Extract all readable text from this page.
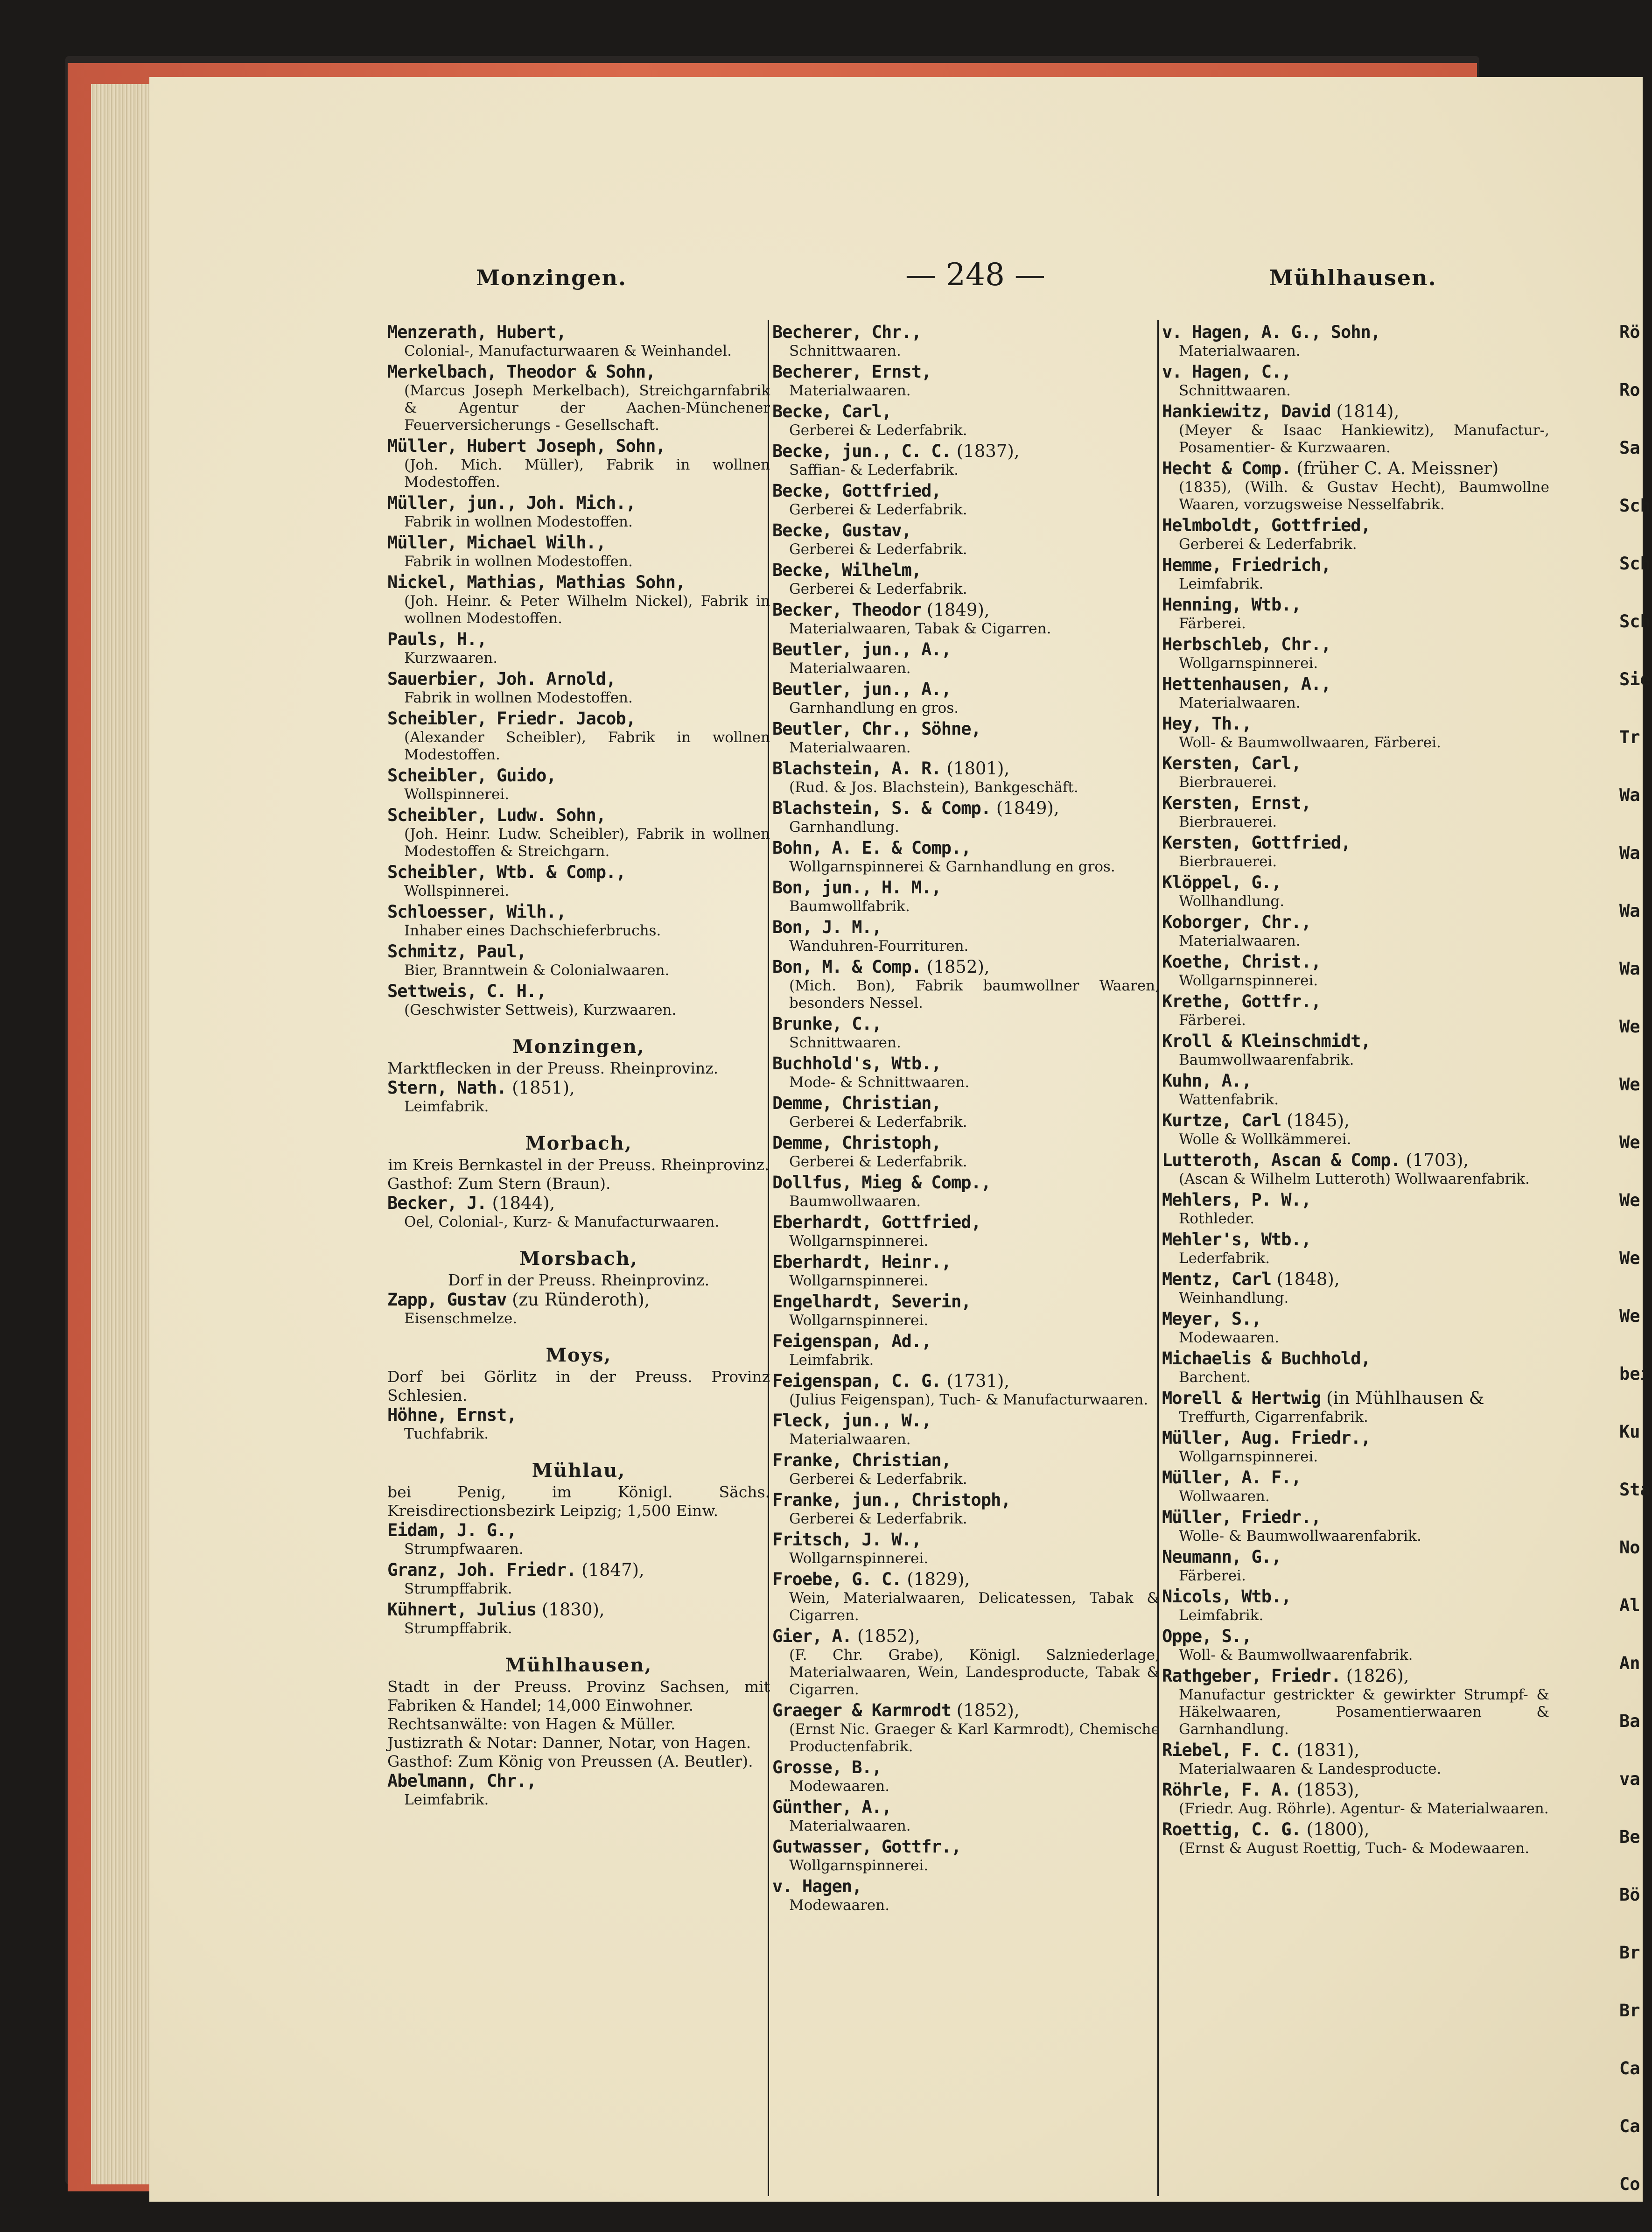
Monzingen.	— 248 —	Mühlhausen.
Menzerath, Hubert,
Colonial-, Manufacturwaaren & Weinhandel.
Merkelbach, Theodor & Sohn,
(Marcus Joseph Merkelbach), Streichgarnfabrik & Agentur der Aachen-Münchener Feuerversicherungs - Gesellschaft.
Müller, Hubert Joseph, Sohn,
(Joh. Mich. Müller), Fabrik in wollnen Modestoffen.
Müller, jun., Joh. Mich.,
Fabrik in wollnen Modestoffen.
Müller, Michael Wilh.,
Fabrik in wollnen Modestoffen.
Nickel, Mathias, Mathias Sohn,
(Joh. Heinr. & Peter Wilhelm Nickel), Fabrik in wollnen Modestoffen.
Pauls, H.,
Kurzwaaren.
Sauerbier, Joh. Arnold,
Fabrik in wollnen Modestoffen.
Scheibler, Friedr. Jacob,
(Alexander Scheibler), Fabrik in wollnen Modestoffen.
Scheibler, Guido,
Wollspinnerei.
Scheibler, Ludw. Sohn,
(Joh. Heinr. Ludw. Scheibler), Fabrik in wollnen Modestoffen & Streichgarn.
Scheibler, Wtb. & Comp.,
Wollspinnerei.
Schloesser, Wilh.,
Inhaber eines Dachschieferbruchs.
Schmitz, Paul,
Bier, Branntwein & Colonialwaaren.
Settweis, C. H.,
(Geschwister Settweis), Kurzwaaren.
Monzingen,
Marktflecken in der Preuss. Rheinprovinz.
Stern, Nath. (1851),
Leimfabrik.
Morbach,
im Kreis Bernkastel in der Preuss. Rheinprovinz.
Gasthof: Zum Stern (Braun).
Becker, J. (1844),
Oel, Colonial-, Kurz- & Manufacturwaaren.
Morsbach,
Dorf in der Preuss. Rheinprovinz.
Zapp, Gustav (zu Ründeroth),
Eisenschmelze.
Moys,
Dorf bei Görlitz in der Preuss. Provinz Schlesien.
Höhne, Ernst,
Tuchfabrik.
Mühlau,
bei Penig, im Königl. Sächs. Kreisdirectionsbezirk Leipzig; 1,500 Einw.
Eidam, J. G.,
Strumpfwaaren.
Granz, Joh. Friedr. (1847),
Strumpffabrik.
Kühnert, Julius (1830),
Strumpffabrik.
Mühlhausen,
Stadt in der Preuss. Provinz Sachsen, mit Fabriken & Handel; 14,000 Einwohner.
Rechtsanwälte: von Hagen & Müller.
Justizrath & Notar: Danner, Notar, von Hagen.
Gasthof: Zum König von Preussen (A. Beutler).
Abelmann, Chr.,
Leimfabrik.
Becherer, Chr.,
Schnittwaaren.
Becherer, Ernst,
Materialwaaren.
Becke, Carl,
Gerberei & Lederfabrik.
Becke, jun., C. C. (1837),
Saffian- & Lederfabrik.
Becke, Gottfried,
Gerberei & Lederfabrik.
Becke, Gustav,
Gerberei & Lederfabrik.
Becke, Wilhelm,
Gerberei & Lederfabrik.
Becker, Theodor (1849),
Materialwaaren, Tabak & Cigarren.
Beutler, jun., A.,
Materialwaaren.
Beutler, jun., A.,
Garnhandlung en gros.
Beutler, Chr., Söhne,
Materialwaaren.
Blachstein, A. R. (1801),
(Rud. & Jos. Blachstein), Bankgeschäft.
Blachstein, S. & Comp. (1849),
Garnhandlung.
Bohn, A. E. & Comp.,
Wollgarnspinnerei & Garnhandlung en gros.
Bon, jun., H. M.,
Baumwollfabrik.
Bon, J. M.,
Wanduhren-Fourrituren.
Bon, M. & Comp. (1852),
(Mich. Bon), Fabrik baumwollner Waaren, besonders Nessel.
Brunke, C.,
Schnittwaaren.
Buchhold's, Wtb.,
Mode- & Schnittwaaren.
Demme, Christian,
Gerberei & Lederfabrik.
Demme, Christoph,
Gerberei & Lederfabrik.
Dollfus, Mieg & Comp.,
Baumwollwaaren.
Eberhardt, Gottfried,
Wollgarnspinnerei.
Eberhardt, Heinr.,
Wollgarnspinnerei.
Engelhardt, Severin,
Wollgarnspinnerei.
Feigenspan, Ad.,
Leimfabrik.
Feigenspan, C. G. (1731),
(Julius Feigenspan), Tuch- & Manufacturwaaren.
Fleck, jun., W.,
Materialwaaren.
Franke, Christian,
Gerberei & Lederfabrik.
Franke, jun., Christoph,
Gerberei & Lederfabrik.
Fritsch, J. W.,
Wollgarnspinnerei.
Froebe, G. C. (1829),
Wein, Materialwaaren, Delicatessen, Tabak & Cigarren.
Gier, A. (1852),
(F. Chr. Grabe), Königl. Salzniederlage, Materialwaaren, Wein, Landesproducte, Tabak & Cigarren.
Graeger & Karmrodt (1852),
(Ernst Nic. Graeger & Karl Karmrodt), Chemische Productenfabrik.
Grosse, B.,
Modewaaren.
Günther, A.,
Materialwaaren.
Gutwasser, Gottfr.,
Wollgarnspinnerei.
v. Hagen,
Modewaaren.
v. Hagen, A. G., Sohn,
Materialwaaren.
v. Hagen, C.,
Schnittwaaren.
Hankiewitz, David (1814),
(Meyer & Isaac Hankiewitz), Manufactur-, Posamentier- & Kurzwaaren.
Hecht & Comp. (früher C. A. Meissner)
(1835), (Wilh. & Gustav Hecht), Baumwollne Waaren, vorzugsweise Nesselfabrik.
Helmboldt, Gottfried,
Gerberei & Lederfabrik.
Hemme, Friedrich,
Leimfabrik.
Henning, Wtb.,
Färberei.
Herbschleb, Chr.,
Wollgarnspinnerei.
Hettenhausen, A.,
Materialwaaren.
Hey, Th.,
Woll- & Baumwollwaaren, Färberei.
Kersten, Carl,
Bierbrauerei.
Kersten, Ernst,
Bierbrauerei.
Kersten, Gottfried,
Bierbrauerei.
Klöppel, G.,
Wollhandlung.
Koborger, Chr.,
Materialwaaren.
Koethe, Christ.,
Wollgarnspinnerei.
Krethe, Gottfr.,
Färberei.
Kroll & Kleinschmidt,
Baumwollwaarenfabrik.
Kuhn, A.,
Wattenfabrik.
Kurtze, Carl (1845),
Wolle & Wollkämmerei.
Lutteroth, Ascan & Comp. (1703),
(Ascan & Wilhelm Lutteroth) Wollwaarenfabrik.
Mehlers, P. W.,
Rothleder.
Mehler's, Wtb.,
Lederfabrik.
Mentz, Carl (1848),
Weinhandlung.
Meyer, S.,
Modewaaren.
Michaelis & Buchhold,
Barchent.
Morell & Hertwig (in Mühlhausen &
Treffurth, Cigarrenfabrik.
Müller, Aug. Friedr.,
Wollgarnspinnerei.
Müller, A. F.,
Wollwaaren.
Müller, Friedr.,
Wolle- & Baumwollwaarenfabrik.
Neumann, G.,
Färberei.
Nicols, Wtb.,
Leimfabrik.
Oppe, S.,
Woll- & Baumwollwaarenfabrik.
Rathgeber, Friedr. (1826),
Manufactur gestrickter & gewirkter Strumpf- & Häkelwaaren, Posamentierwaaren & Garnhandlung.
Riebel, F. C. (1831),
Materialwaaren & Landesproducte.
Röhrle, F. A. (1853),
(Friedr. Aug. Röhrle). Agentur- & Materialwaaren.
Roettig, C. G. (1800),
(Ernst & August Roettig, Tuch- & Modewaaren.
Rö
Ro
Sa
Sch
Sch
Sch
Sie
Tr
Wa
Wa
Wa
Wa
We
We
We
We
We
We
bei
Ku
Sta
No
Al
An
Ba
va
Be
Bö
Br
Br
Ca
Ca
Co
